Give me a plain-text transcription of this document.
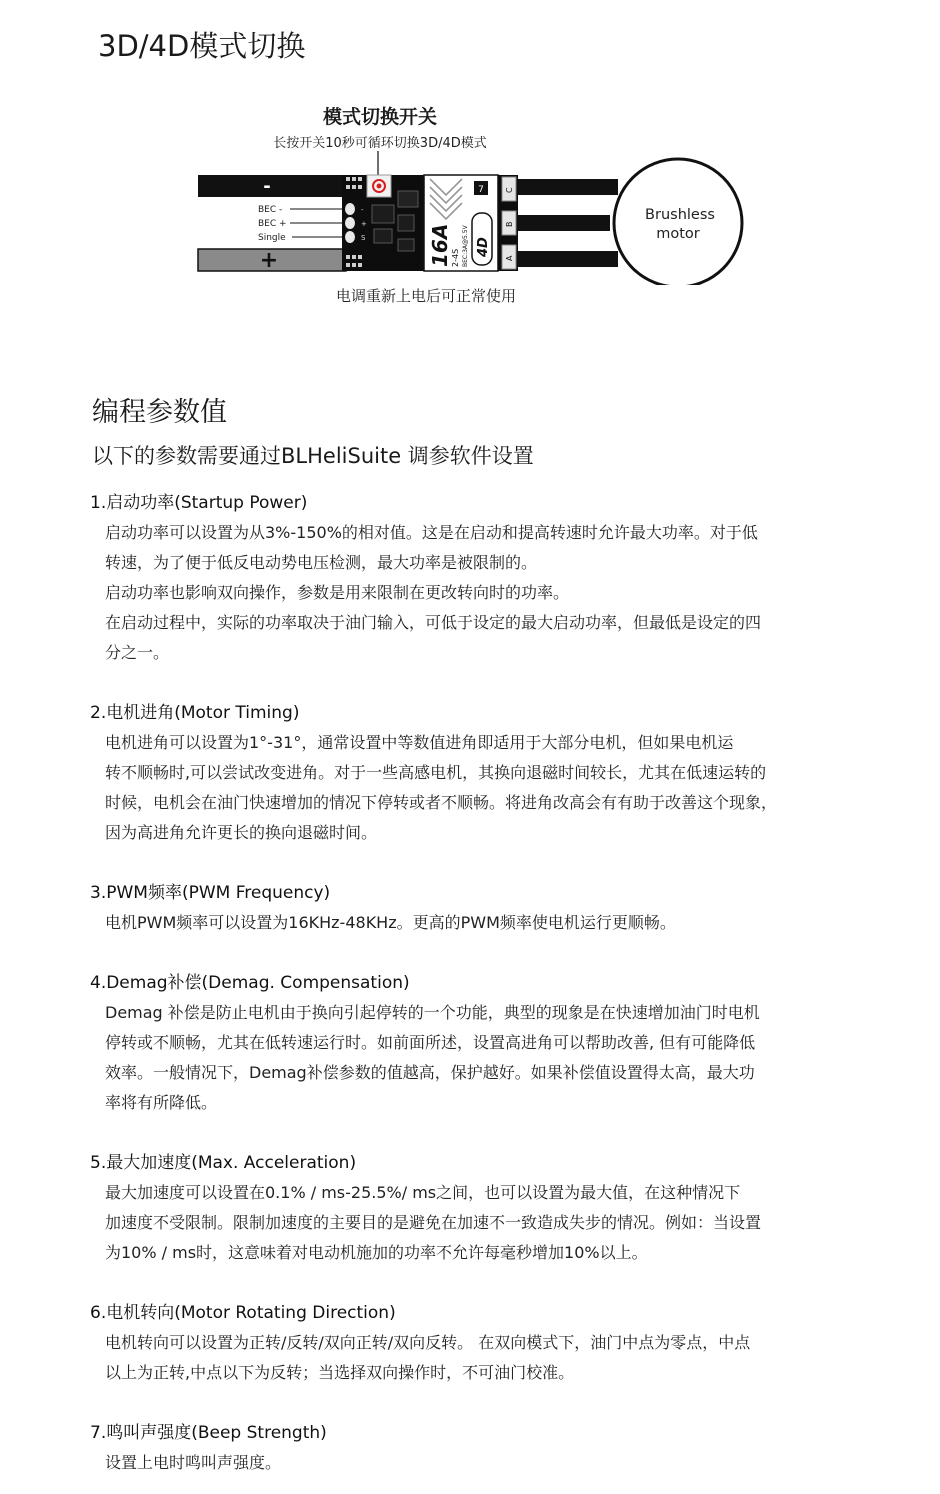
3D/4D模式切换
模式切换开关
长按开关10秒可循环切换3D/4D模式
-
+
BEC -
BEC +
Single
-
+
S
7
16A 2-4S BEC:3A@5.5V 4D
C
B
A
Brushless
motor
电调重新上电后可正常使用
编程参数值

以下的参数需要通过BLHeliSuite 调参软件设置

1.启动功率(Startup Power)
启动功率可以设置为从3%-150%的相对值。这是在启动和提高转速时允许最大功率。对于低
转速，为了便于低反电动势电压检测，最大功率是被限制的。
启动功率也影响双向操作，参数是用来限制在更改转向时的功率。
在启动过程中，实际的功率取决于油门输入，可低于设定的最大启动功率，但最低是设定的四
分之一。
2.电机进角(Motor Timing)
电机进角可以设置为1°-31°，通常设置中等数值进角即适用于大部分电机，但如果电机运
转不顺畅时,可以尝试改变进角。对于一些高感电机，其换向退磁时间较长，尤其在低速运转的
时候，电机会在油门快速增加的情况下停转或者不顺畅。将进角改高会有有助于改善这个现象，
因为高进角允许更长的换向退磁时间。
3.PWM频率(PWM Frequency)
电机PWM频率可以设置为16KHz-48KHz。更高的PWM频率使电机运行更顺畅。
4.Demag补偿(Demag. Compensation)
Demag 补偿是防止电机由于换向引起停转的一个功能，典型的现象是在快速增加油门时电机
停转或不顺畅，尤其在低转速运行时。如前面所述，设置高进角可以帮助改善, 但有可能降低
效率。一般情况下，Demag补偿参数的值越高，保护越好。如果补偿值设置得太高，最大功
率将有所降低。
5.最大加速度(Max. Acceleration)
最大加速度可以设置在0.1% / ms-25.5%/ ms之间，也可以设置为最大值，在这种情况下
加速度不受限制。限制加速度的主要目的是避免在加速不一致造成失步的情况。例如：当设置
为10% / ms时，这意味着对电动机施加的功率不允许每毫秒增加10%以上。
6.电机转向(Motor Rotating Direction)
电机转向可以设置为正转/反转/双向正转/双向反转。 在双向模式下，油门中点为零点，中点
以上为正转,中点以下为反转；当选择双向操作时，不可油门校准。
7.鸣叫声强度(Beep Strength)
设置上电时鸣叫声强度。
